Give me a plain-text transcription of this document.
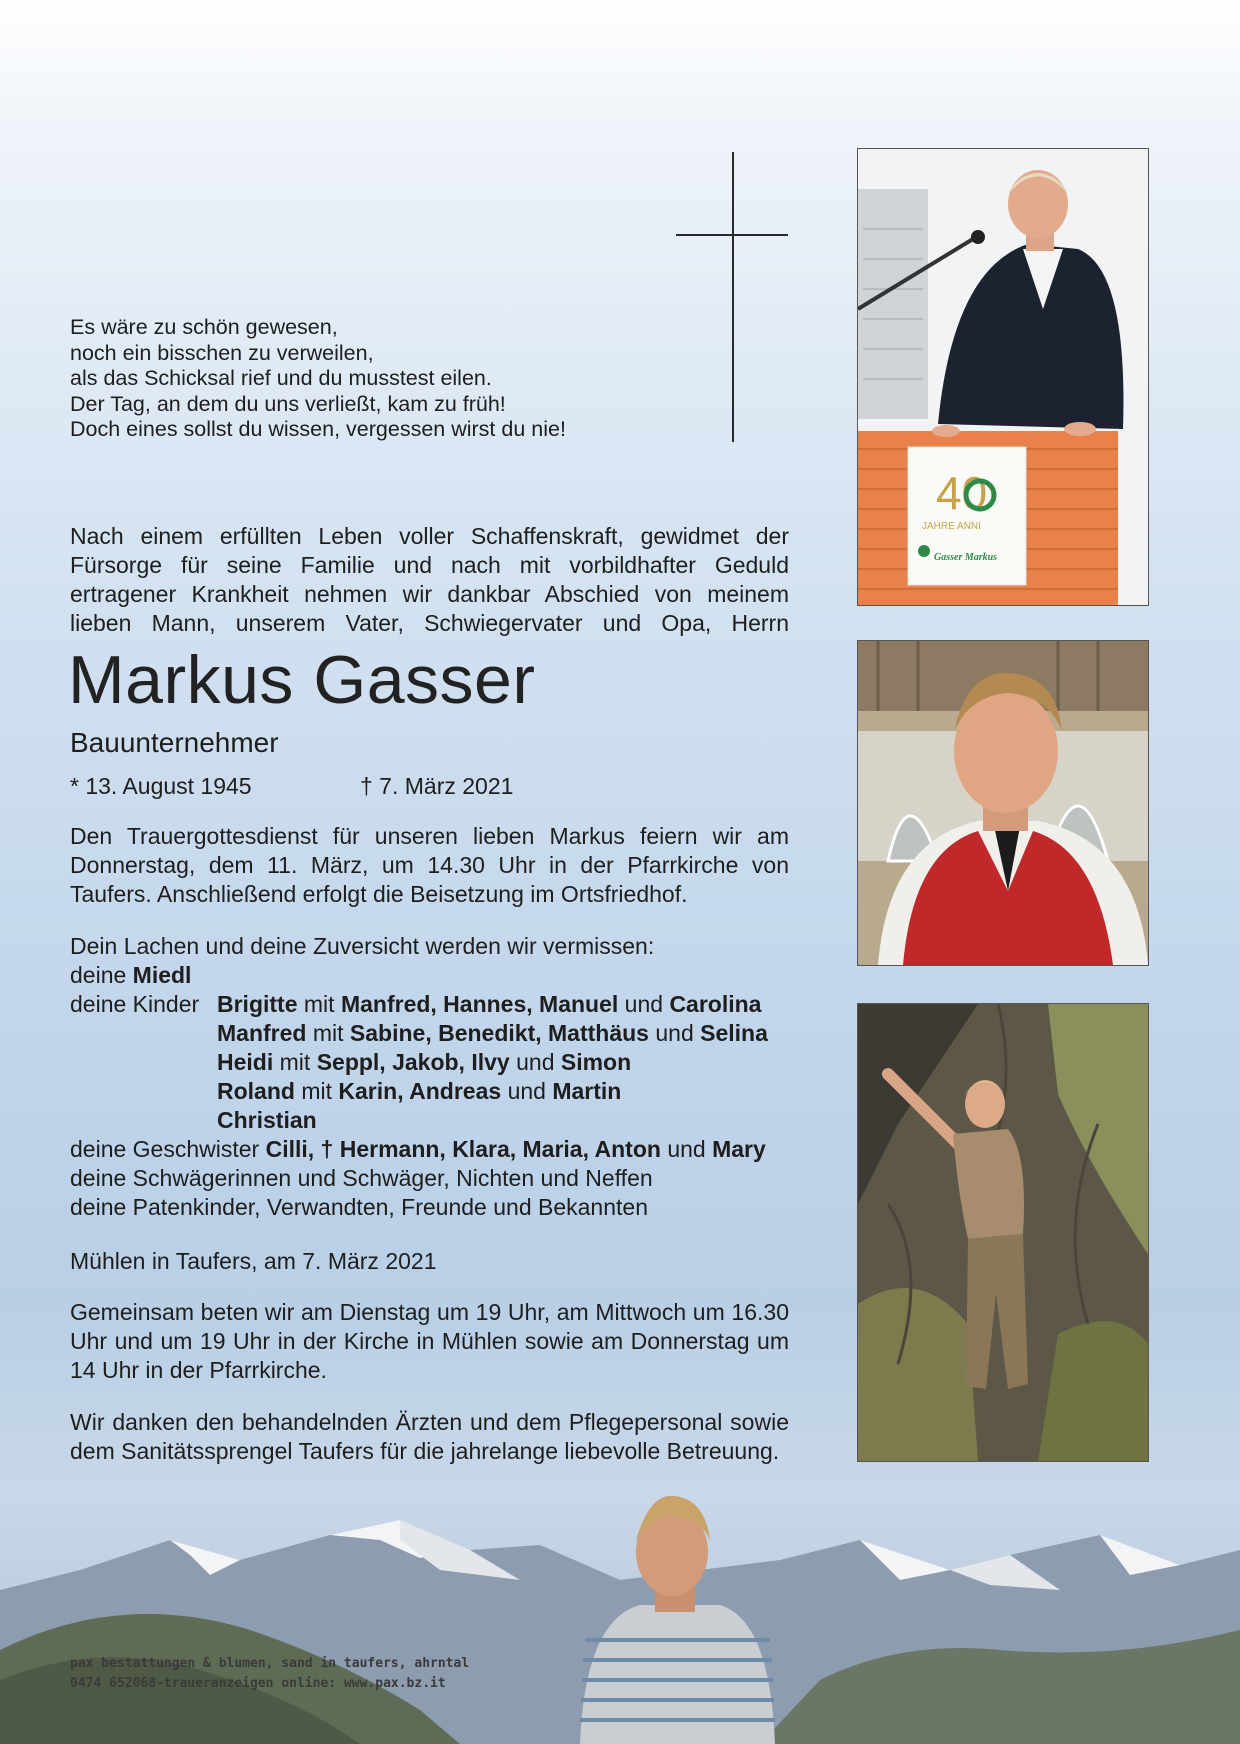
Es wäre zu schön gewesen,
noch ein bisschen zu verweilen,
als das Schicksal rief und du musstest eilen.
Der Tag, an dem du uns verließt, kam zu früh!
Doch eines sollst du wissen, vergessen wirst du nie!
Nach einem erfüllten Leben voller Schaffenskraft, gewidmet der
Fürsorge für seine Familie und nach mit vorbildhafter Geduld
ertragener Krankheit nehmen wir dankbar Abschied von meinem
lieben Mann, unserem Vater, Schwiegervater und Opa, Herrn
Markus Gasser
Bauunternehmer
* 13. August 1945	† 7. März 2021
Den Trauergottesdienst für unseren lieben Markus feiern wir am Donnerstag, dem 11. März, um 14.30 Uhr in der Pfarrkirche von Taufers. Anschließend erfolgt die Beisetzung im Ortsfriedhof.
Dein Lachen und deine Zuversicht werden wir vermissen:
deine Miedl
deine Kinder Brigitte mit Manfred, Hannes, Manuel und Carolina
Manfred mit Sabine, Benedikt, Matthäus und Selina
Heidi mit Seppl, Jakob, Ilvy und Simon
Roland mit Karin, Andreas und Martin
Christian
deine Geschwister Cilli, † Hermann, Klara, Maria, Anton und Mary
deine Schwägerinnen und Schwäger, Nichten und Neffen
deine Patenkinder, Verwandten, Freunde und Bekannten
Mühlen in Taufers, am 7. März 2021
Gemeinsam beten wir am Dienstag um 19 Uhr, am Mittwoch um 16.30 Uhr und um 19 Uhr in der Kirche in Mühlen sowie am Donnerstag um 14 Uhr in der Pfarrkirche.
Wir danken den behandelnden Ärzten und dem Pflegepersonal sowie dem Sanitätssprengel Taufers für die jahrelange liebevolle Betreuung.
40
JAHRE ANNI
Gasser Markus
pax bestattungen & blumen, sand in taufers, ahrntal
0474 652068-traueranzeigen online: www.pax.bz.it
